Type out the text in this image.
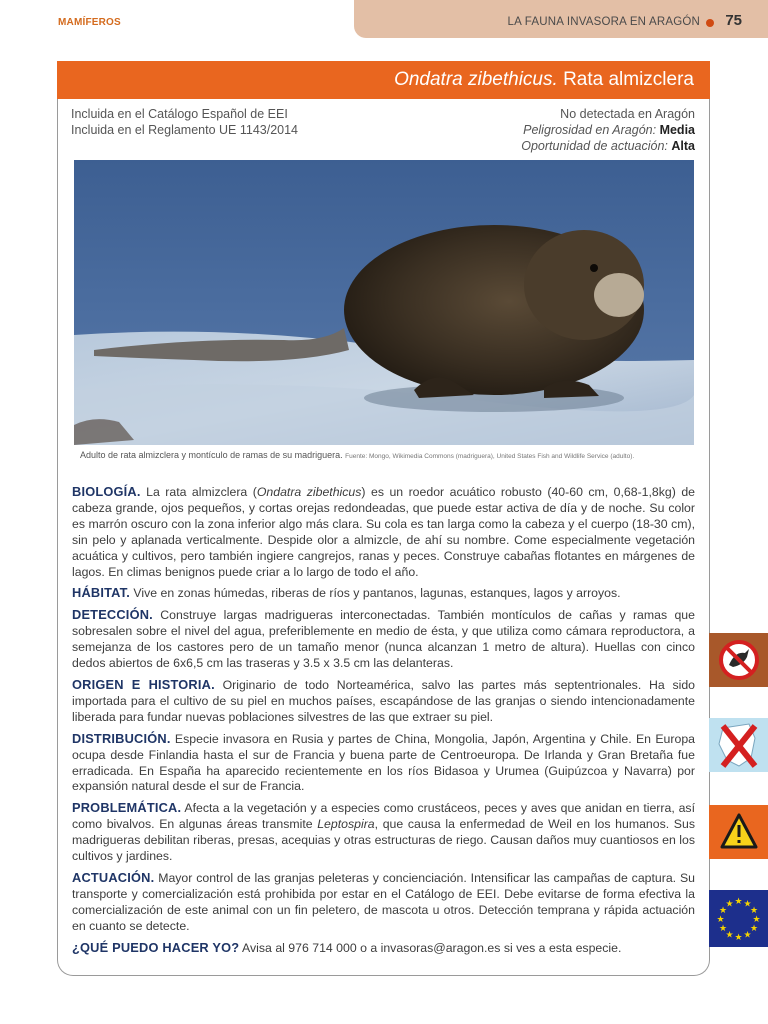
MAMÍFEROS	LA FAUNA INVASORA EN ARAGÓN 75
Ondatra zibethicus. Rata almizclera
Incluida en el Catálogo Español de EEI
Incluida en el Reglamento UE 1143/2014
No detectada en Aragón
Peligrosidad en Aragón: Media
Oportunidad de actuación: Alta
Adulto de rata almizclera y montículo de ramas de su madriguera. Fuente: Mongo, Wikimedia Commons (madriguera), United States Fish and Wildlife Service (adulto).

BIOLOGÍA. La rata almizclera (Ondatra zibethicus) es un roedor acuático robusto (40-60 cm, 0,68-1,8kg) de cabeza grande, ojos pequeños, y cortas orejas redondeadas, que puede estar activa de día y de noche. Su color es marrón oscuro con la zona inferior algo más clara. Su cola es tan larga como la cabeza y el cuerpo (18-30 cm), sin pelo y aplanada verticalmente. Despide olor a almizcle, de ahí su nombre. Come especialmente vegetación acuática y cultivos, pero también ingiere cangrejos, ranas y peces. Construye cabañas flotantes en márgenes de lagos. En climas benignos puede criar a lo largo de todo el año.

HÁBITAT. Vive en zonas húmedas, riberas de ríos y pantanos, lagunas, estanques, lagos y arroyos.

DETECCIÓN. Construye largas madrigueras interconectadas. También montículos de cañas y ramas que sobresalen sobre el nivel del agua, preferiblemente en medio de ésta, y que utiliza como cámara reproductora, a semejanza de los castores pero de un tamaño menor (nunca alcanzan 1 metro de altura). Huellas con cinco dedos abiertos de 6x6,5 cm las traseras y 3.5 x 3.5 cm las delanteras.

ORIGEN E HISTORIA. Originario de todo Norteamérica, salvo las partes más septentrionales. Ha sido importada para el cultivo de su piel en muchos países, escapándose de las granjas o siendo intencionadamente liberada para fundar nuevas poblaciones silvestres de las que extraer su piel.

DISTRIBUCIÓN. Especie invasora en Rusia y partes de China, Mongolia, Japón, Argentina y Chile. En Europa ocupa desde Finlandia hasta el sur de Francia y buena parte de Centroeuropa. De Irlanda y Gran Bretaña fue erradicada. En España ha aparecido recientemente en los ríos Bidasoa y Urumea (Guipúzcoa y Navarra) por expansión natural desde el sur de Francia.

PROBLEMÁTICA. Afecta a la vegetación y a especies como crustáceos, peces y aves que anidan en tierra, así como bivalvos. En algunas áreas transmite Leptospira, que causa la enfermedad de Weil en los humanos. Sus madrigueras debilitan riberas, presas, acequias y otras estructuras de riego. Causan daños muy cuantiosos en los cultivos y jardines.

ACTUACIÓN. Mayor control de las granjas peleteras y concienciación. Intensificar las campañas de captura. Su transporte y comercialización está prohibida por estar en el Catálogo de EEI. Debe evitarse de forma efectiva la comercialización de este animal con un fin peletero, de mascota u otros. Detección temprana y rápida actuación en cuanto se detecte.

¿QUÉ PUEDO HACER YO? Avisa al 976 714 000 o a invasoras@aragon.es si ves a esta especie.

★ ★
★
★
★
★
★
★
★
★
★
★
